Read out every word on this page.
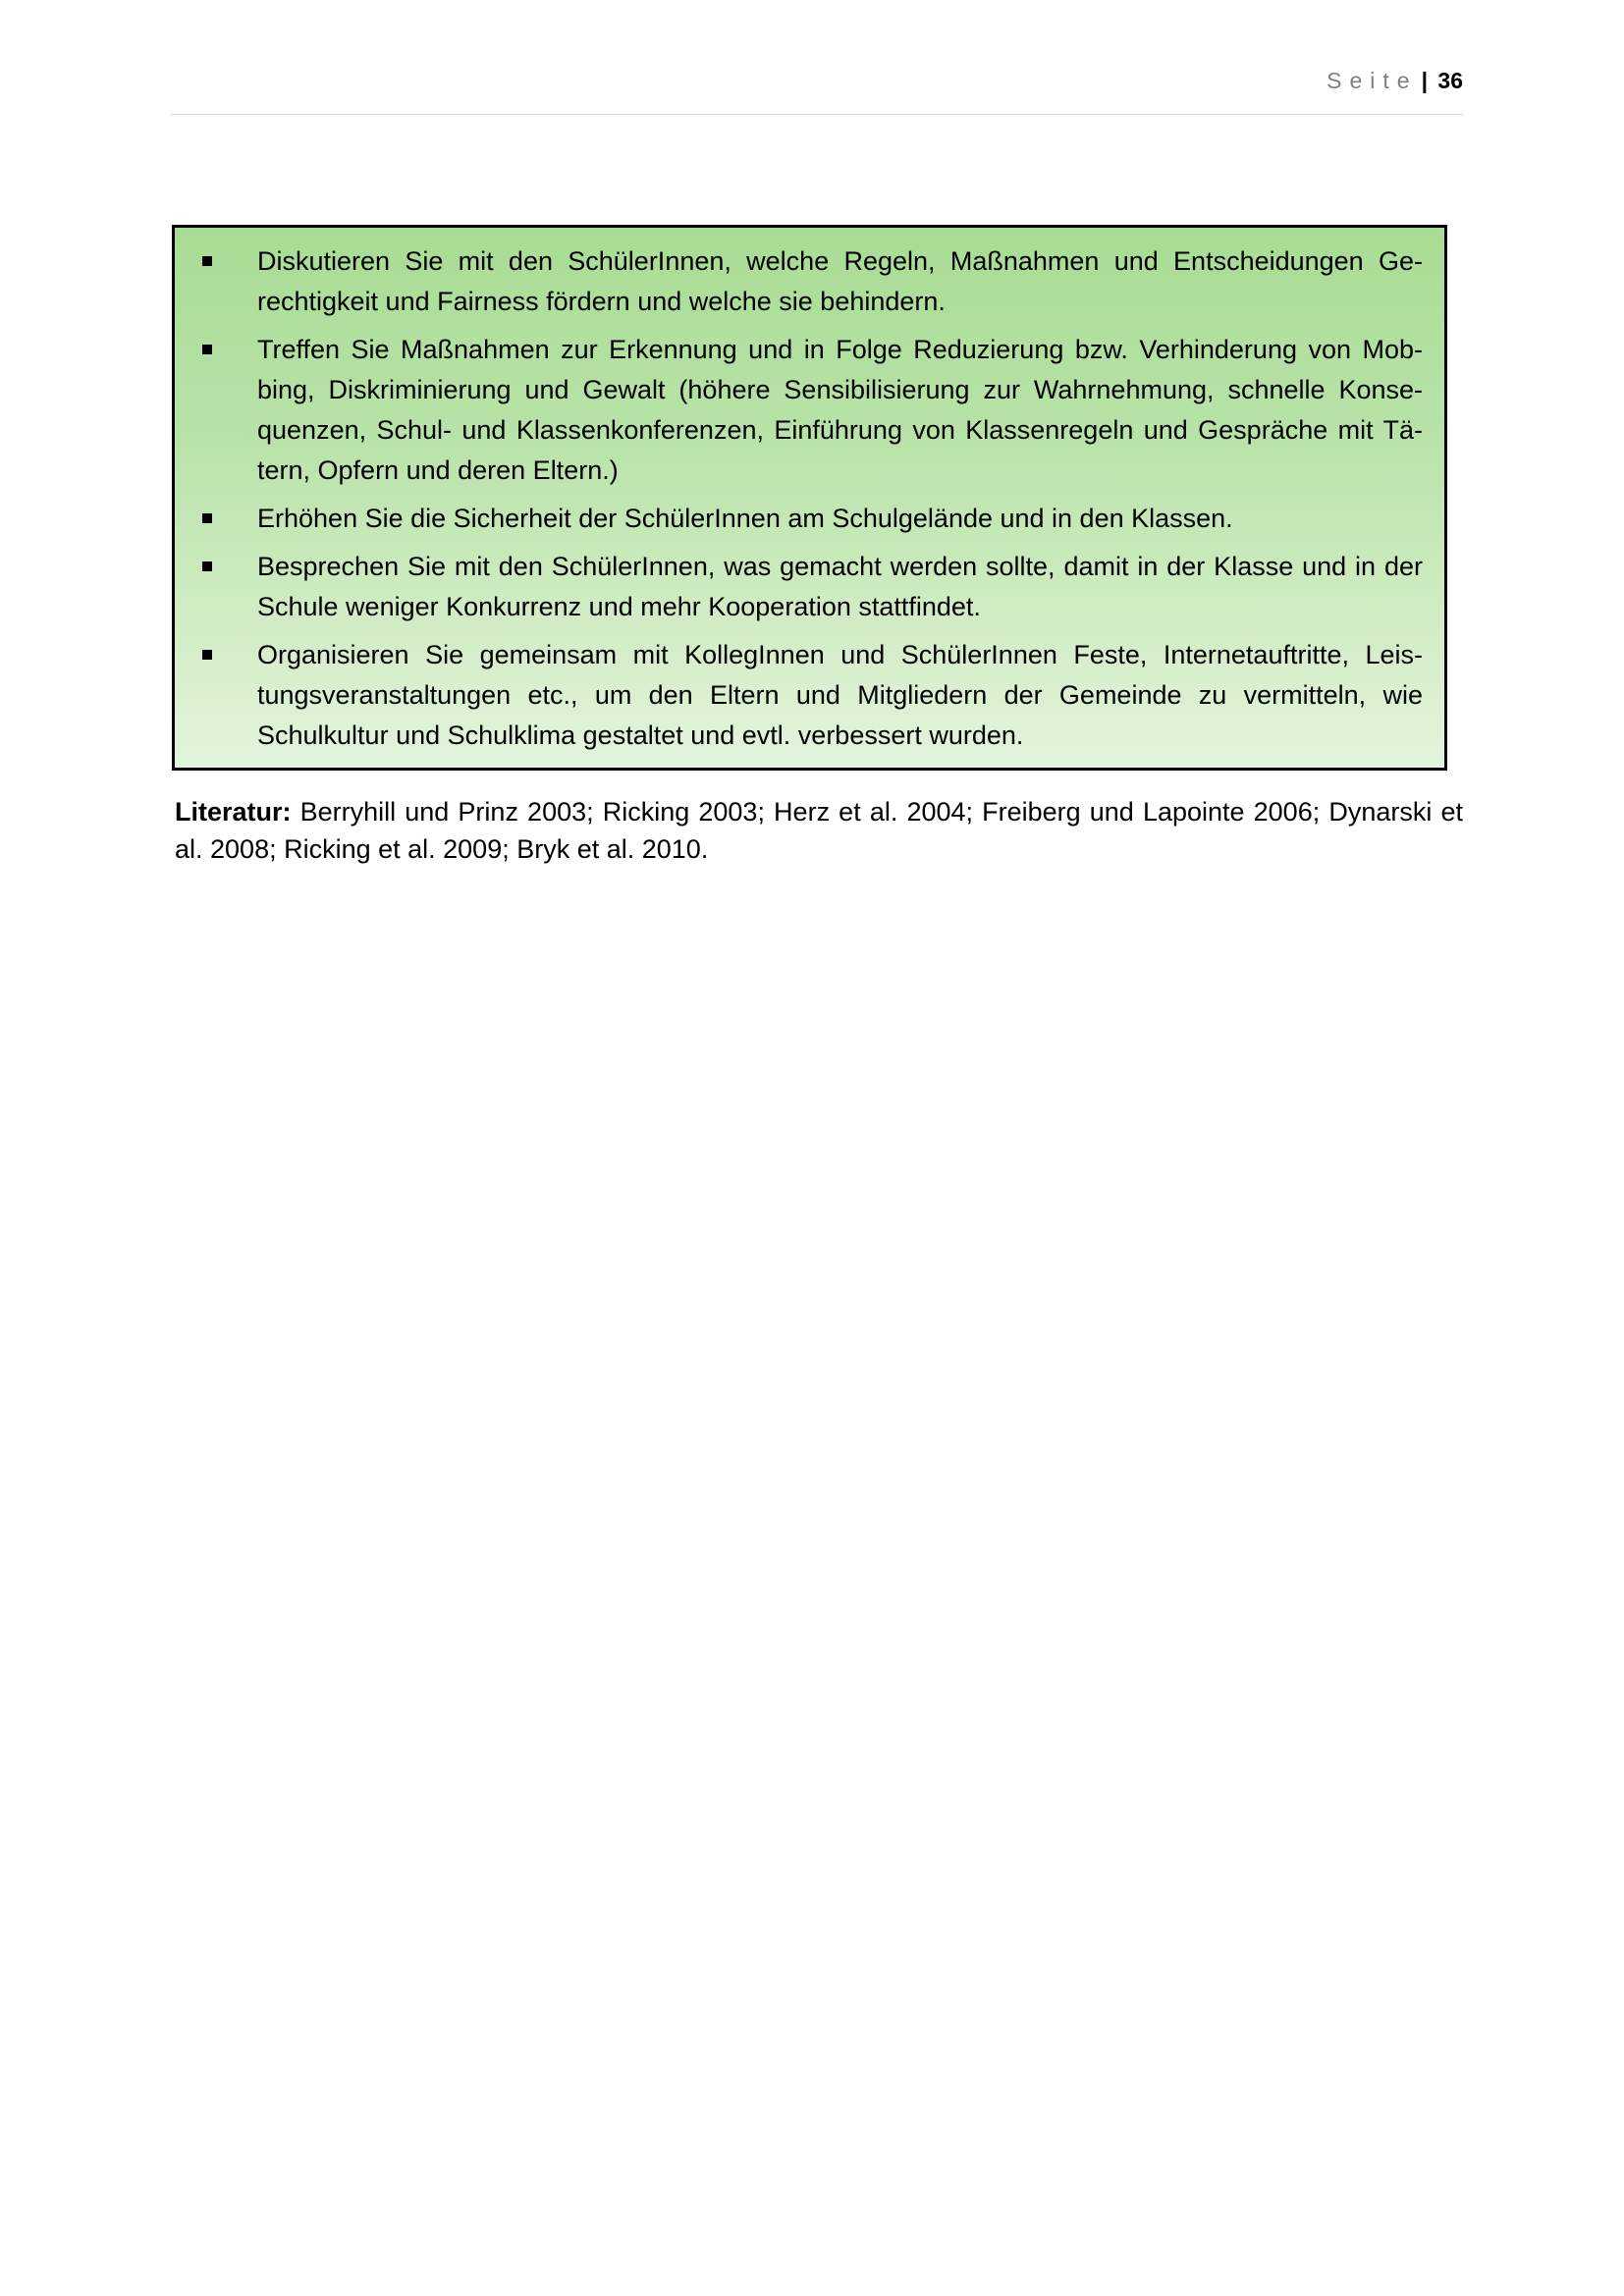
Seite | 36
Diskutieren Sie mit den SchülerInnen, welche Regeln, Maßnahmen und Entscheidungen Ge-rechtigkeit und Fairness fördern und welche sie behindern.
Treffen Sie Maßnahmen zur Erkennung und in Folge Reduzierung bzw. Verhinderung von Mob-bing, Diskriminierung und Gewalt (höhere Sensibilisierung zur Wahrnehmung, schnelle Konse-quenzen, Schul- und Klassenkonferenzen, Einführung von Klassenregeln und Gespräche mit Tä-tern, Opfern und deren Eltern.)
Erhöhen Sie die Sicherheit der SchülerInnen am Schulgelände und in den Klassen.
Besprechen Sie mit den SchülerInnen, was gemacht werden sollte, damit in der Klasse und in der Schule weniger Konkurrenz und mehr Kooperation stattfindet.
Organisieren Sie gemeinsam mit KollegInnen und SchülerInnen Feste, Internetauftritte, Leis-tungsveranstaltungen etc., um den Eltern und Mitgliedern der Gemeinde zu vermitteln, wie Schulkultur und Schulklima gestaltet und evtl. verbessert wurden.
Literatur: Berryhill und Prinz 2003; Ricking 2003; Herz et al. 2004; Freiberg und Lapointe 2006; Dynarski et al. 2008; Ricking et al. 2009; Bryk et al. 2010.
